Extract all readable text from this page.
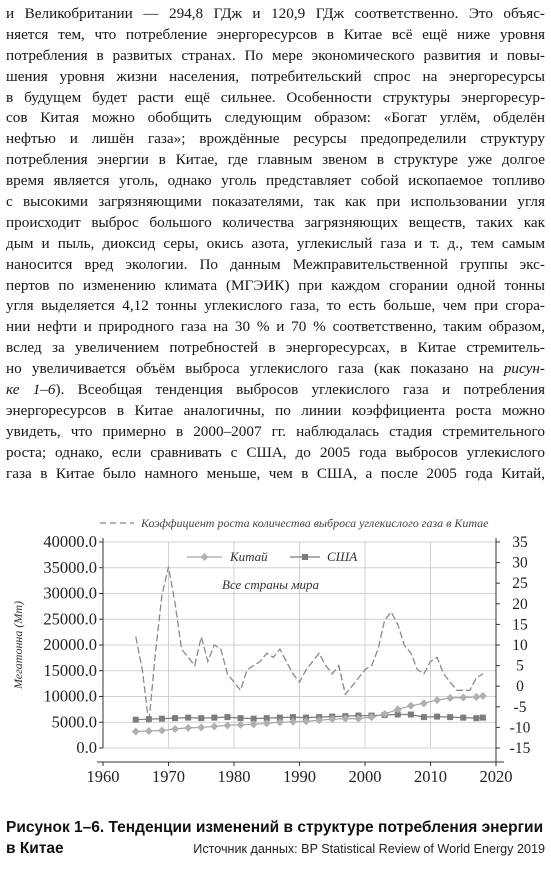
и Великобритании — 294,8 ГДж и 120,9 ГДж соответственно. Это объяс-
няется тем, что потребление энергоресурсов в Китае всё ещё ниже уровня
потребления в развитых странах. По мере экономического развития и повы-
шения уровня жизни населения, потребительский спрос на энергоресурсы
в будущем будет расти ещё сильнее. Особенности структуры энергоресур-
сов Китая можно обобщить следующим образом: «Богат углём, обделён
нефтью и лишён газа»; врождённые ресурсы предопределили структуру
потребления энергии в Китае, где главным звеном в структуре уже долгое
время является уголь, однако уголь представляет собой ископаемое топливо
с высокими загрязняющими показателями, так как при использовании угля
происходит выброс большого количества загрязняющих веществ, таких как
дым и пыль, диоксид серы, окись азота, углекислый газа и т. д., тем самым
наносится вред экологии. По данным Межправительственной группы экс-
пертов по изменению климата (МГЭИК) при каждом сгорании одной тонны
угля выделяется 4,12 тонны углекислого газа, то есть больше, чем при сгора-
нии нефти и природного газа на 30 % и 70 % соответственно, таким образом,
вслед за увеличением потребностей в энергоресурсах, в Китае стремитель-
но увеличивается объём выброса углекислого газа (как показано на рисун-
ке 1–6). Всеобщая тенденция выбросов углекислого газа и потребления
энергоресурсов в Китае аналогичны, по линии коэффициента роста можно
увидеть, что примерно в 2000–2007 гг. наблюдалась стадия стремительного
роста; однако, если сравнивать с США, до 2005 года выбросов углекислого
газа в Китае было намного меньше, чем в США, а после 2005 года Китай,
0.0
5000.0
10000.0
15000.0
20000.0
25000.0
30000.0
35000.0
40000.0
-15
-10
-5
0
5
10
15
20
25
30
35
1960 1970 1980 1990 2000 2010 2020
Мегатонна (Mт)
Коэффициент роста количества выброса углекислого газа в Китае
Китай	США
Все страны мира
Рисунок 1–6. Тенденции изменений в структуре потребления энергии
в Китае	Источник данных: BP Statistical Review of World Energy 2019
